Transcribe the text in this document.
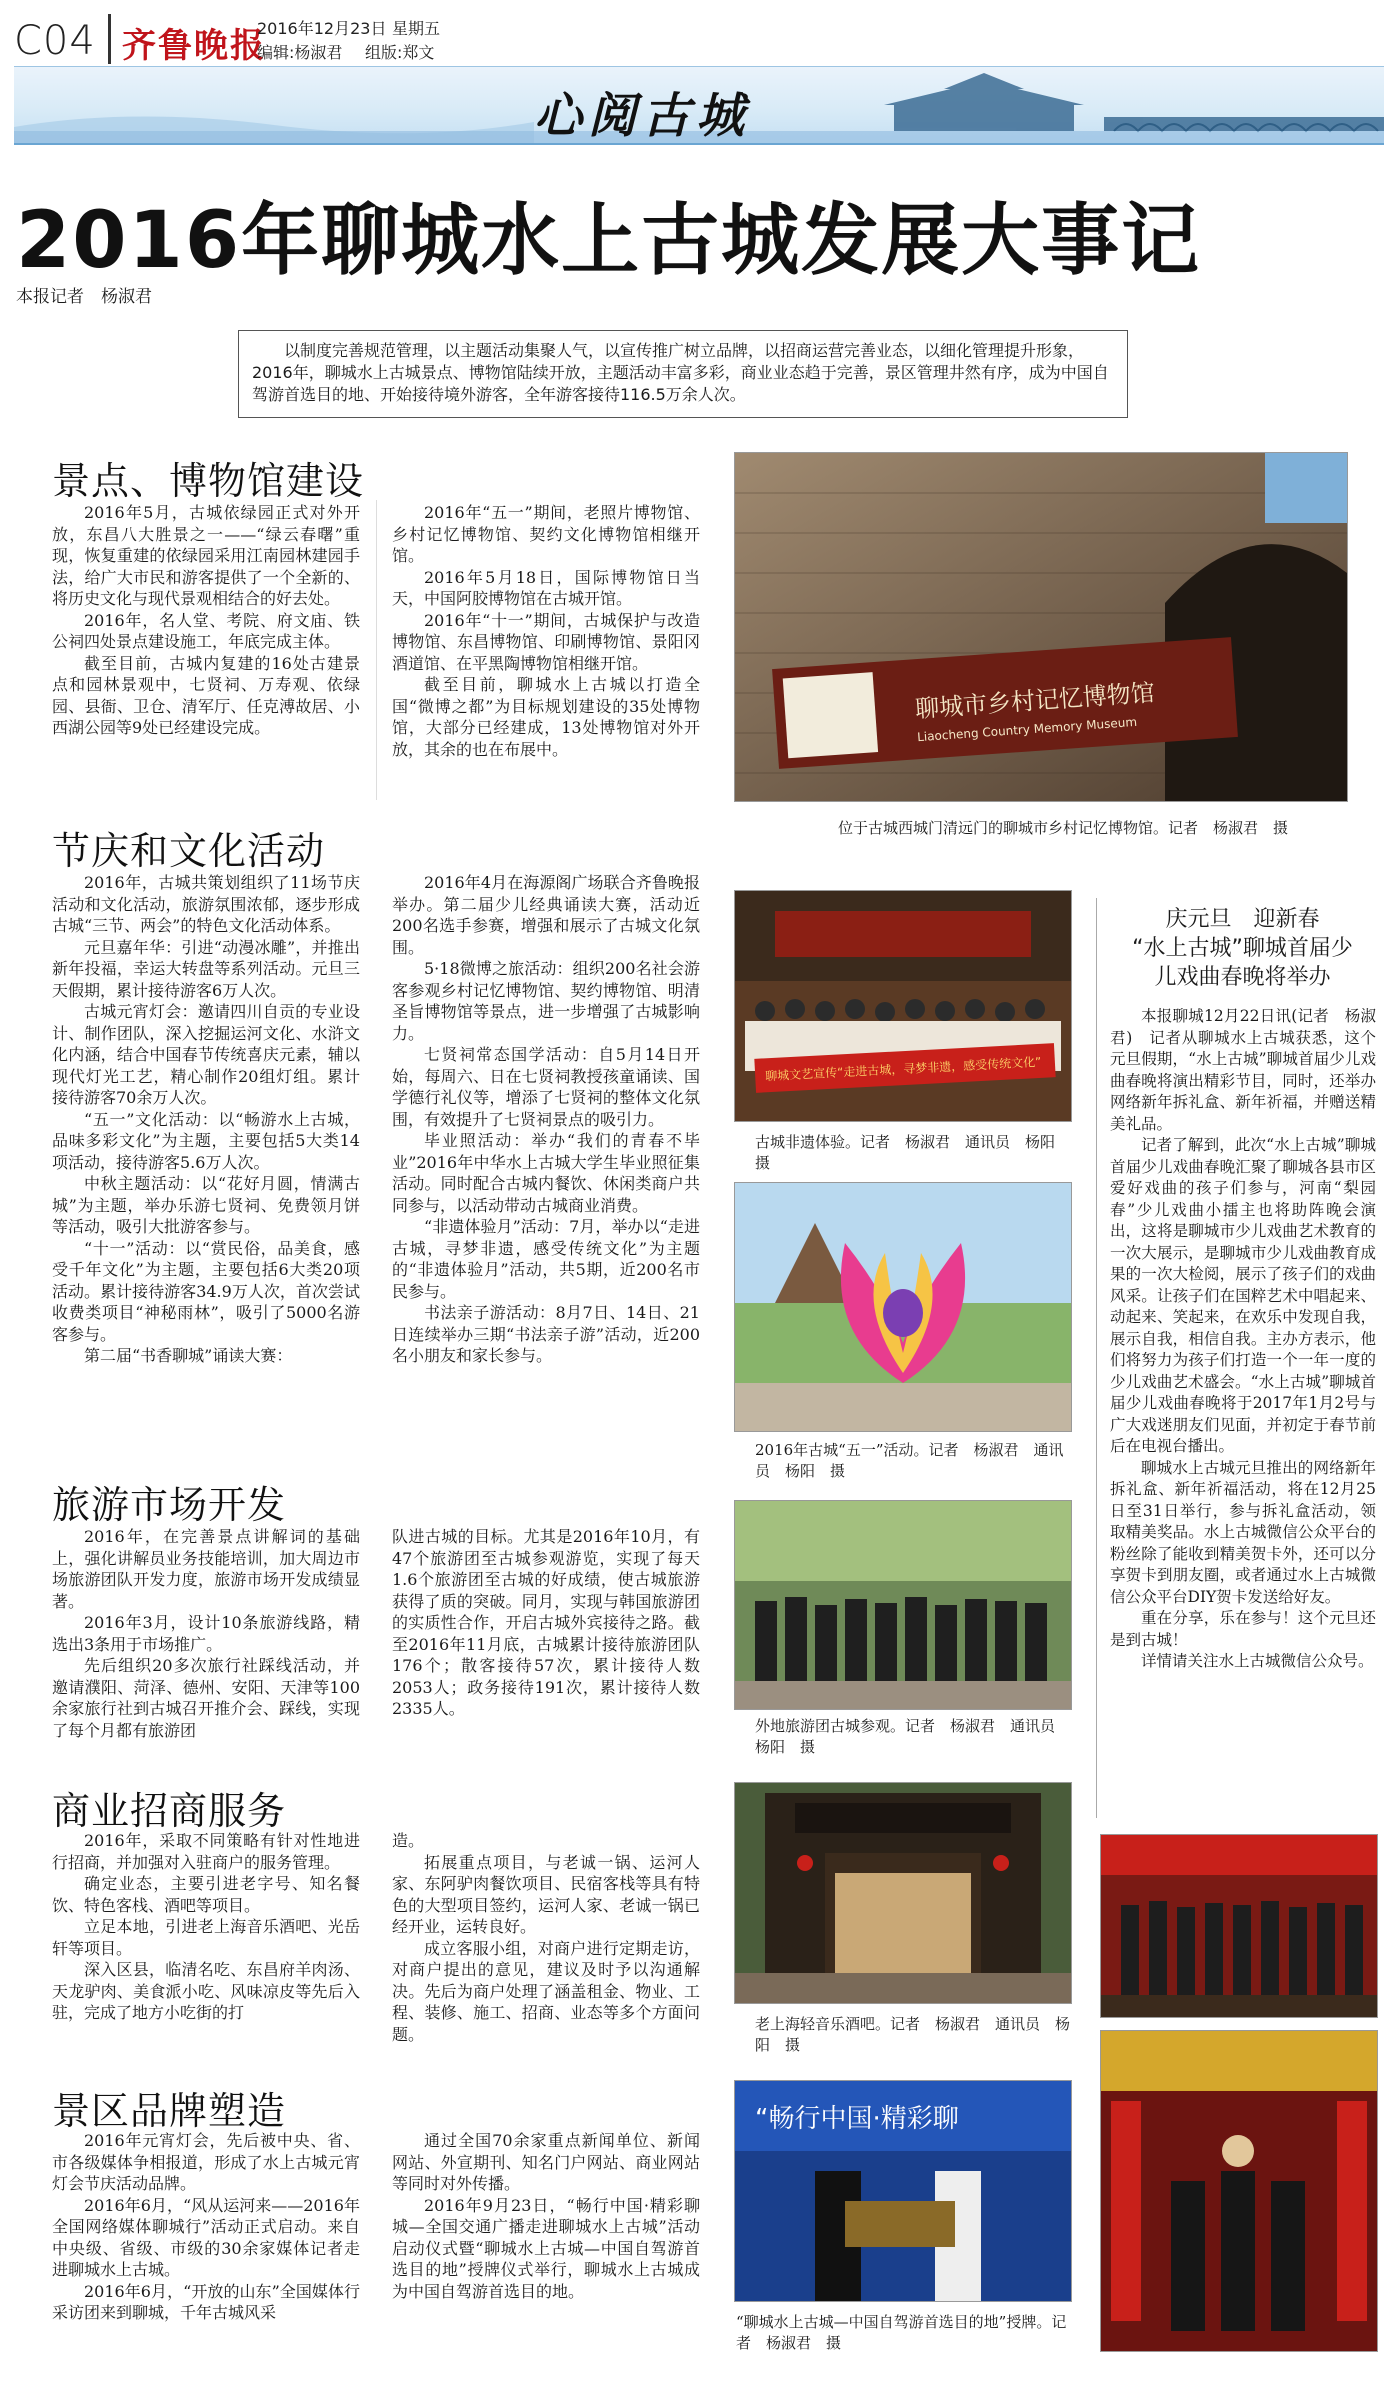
C04 齐鲁晚报
2016年12月23日 星期五
编辑:杨淑君 组版:郑文
心阅古城
2016年聊城水上古城发展大事记
本报记者　杨淑君
以制度完善规范管理，以主题活动集聚人气，以宣传推广树立品牌，以招商运营完善业态，以细化管理提升形象，2016年，聊城水上古城景点、博物馆陆续开放，主题活动丰富多彩，商业业态趋于完善，景区管理井然有序，成为中国自驾游首选目的地、开始接待境外游客，全年游客接待116.5万余人次。
景点、博物馆建设

2016年5月，古城依绿园正式对外开放，东昌八大胜景之一——“绿云春曙”重现，恢复重建的依绿园采用江南园林建园手法，给广大市民和游客提供了一个全新的、将历史文化与现代景观相结合的好去处。

2016年，名人堂、考院、府文庙、铁公祠四处景点建设施工，年底完成主体。

截至目前，古城内复建的16处古建景点和园林景观中，七贤祠、万寿观、依绿园、县衙、卫仓、清军厅、任克溥故居、小西湖公园等9处已经建设完成。

2016年“五一”期间，老照片博物馆、乡村记忆博物馆、契约文化博物馆相继开馆。

2016年5月18日，国际博物馆日当天，中国阿胶博物馆在古城开馆。

2016年“十一”期间，古城保护与改造博物馆、东昌博物馆、印刷博物馆、景阳冈酒道馆、在平黑陶博物馆相继开馆。

截至目前，聊城水上古城以打造全国“微博之都”为目标规划建设的35处博物馆，大部分已经建成，13处博物馆对外开放，其余的也在布展中。

聊城市乡村记忆博物馆
Liaocheng Country Memory Museum
位于古城西城门清远门的聊城市乡村记忆博物馆。记者　杨淑君　摄
节庆和文化活动

2016年，古城共策划组织了11场节庆活动和文化活动，旅游氛围浓郁，逐步形成古城“三节、两会”的特色文化活动体系。

元旦嘉年华：引进“动漫冰雕”，并推出新年投福，幸运大转盘等系列活动。元旦三天假期，累计接待游客6万人次。

古城元宵灯会：邀请四川自贡的专业设计、制作团队，深入挖掘运河文化、水浒文化内涵，结合中国春节传统喜庆元素，辅以现代灯光工艺，精心制作20组灯组。累计接待游客70余万人次。

“五一”文化活动：以“畅游水上古城，品味多彩文化”为主题，主要包括5大类14项活动，接待游客5.6万人次。

中秋主题活动：以“花好月圆，情满古城”为主题，举办乐游七贤祠、免费领月饼等活动，吸引大批游客参与。

“十一”活动：以“赏民俗，品美食，感受千年文化”为主题，主要包括6大类20项活动。累计接待游客34.9万人次，首次尝试收费类项目“神秘雨林”，吸引了5000名游客参与。

第二届“书香聊城”诵读大赛：

2016年4月在海源阁广场联合齐鲁晚报举办。第二届少儿经典诵读大赛，活动近200名选手参赛，增强和展示了古城文化氛围。

5·18微博之旅活动：组织200名社会游客参观乡村记忆博物馆、契约博物馆、明清圣旨博物馆等景点，进一步增强了古城影响力。

七贤祠常态国学活动：自5月14日开始，每周六、日在七贤祠教授孩童诵读、国学德行礼仪等，增添了七贤祠的整体文化氛围，有效提升了七贤祠景点的吸引力。

毕业照活动：举办“我们的青春不毕业”2016年中华水上古城大学生毕业照征集活动。同时配合古城内餐饮、休闲类商户共同参与，以活动带动古城商业消费。

“非遗体验月”活动：7月，举办以“走进古城，寻梦非遗，感受传统文化”为主题的“非遗体验月”活动，共5期，近200名市民参与。

书法亲子游活动：8月7日、14日、21日连续举办三期“书法亲子游”活动，近200名小朋友和家长参与。

聊城文艺宣传“走进古城，寻梦非遗，感受传统文化”
古城非遗体验。记者　杨淑君　通讯员　杨阳　摄
2016年古城“五一”活动。记者　杨淑君　通讯员　杨阳　摄
外地旅游团古城参观。记者　杨淑君　通讯员　杨阳　摄
旅游市场开发

2016年，在完善景点讲解词的基础上，强化讲解员业务技能培训，加大周边市场旅游团队开发力度，旅游市场开发成绩显著。

2016年3月，设计10条旅游线路，精选出3条用于市场推广。

先后组织20多次旅行社踩线活动，并邀请濮阳、菏泽、德州、安阳、天津等100余家旅行社到古城召开推介会、踩线，实现了每个月都有旅游团

队进古城的目标。尤其是2016年10月，有47个旅游团至古城参观游览，实现了每天1.6个旅游团至古城的好成绩，使古城旅游获得了质的突破。同月，实现与韩国旅游团的实质性合作，开启古城外宾接待之路。截至2016年11月底，古城累计接待旅游团队176个；散客接待57次，累计接待人数2053人；政务接待191次，累计接待人数2335人。

商业招商服务

2016年，采取不同策略有针对性地进行招商，并加强对入驻商户的服务管理。

确定业态，主要引进老字号、知名餐饮、特色客栈、酒吧等项目。

立足本地，引进老上海音乐酒吧、光岳轩等项目。

深入区县，临清名吃、东昌府羊肉汤、天龙驴肉、美食派小吃、风味凉皮等先后入驻，完成了地方小吃街的打

造。

拓展重点项目，与老诚一锅、运河人家、东阿驴肉餐饮项目、民宿客栈等具有特色的大型项目签约，运河人家、老诚一锅已经开业，运转良好。

成立客服小组，对商户进行定期走访，对商户提出的意见，建议及时予以沟通解决。先后为商户处理了涵盖租金、物业、工程、装修、施工、招商、业态等多个方面问题。

老上海轻音乐酒吧。记者　杨淑君　通讯员　杨阳　摄
景区品牌塑造

2016年元宵灯会，先后被中央、省、市各级媒体争相报道，形成了水上古城元宵灯会节庆活动品牌。

2016年6月，“风从运河来——2016年全国网络媒体聊城行”活动正式启动。来自中央级、省级、市级的30余家媒体记者走进聊城水上古城。

2016年6月，“开放的山东”全国媒体行采访团来到聊城，千年古城风采

通过全国70余家重点新闻单位、新闻网站、外宣期刊、知名门户网站、商业网站等同时对外传播。

2016年9月23日，“畅行中国·精彩聊城—全国交通广播走进聊城水上古城”活动启动仪式暨“聊城水上古城—中国自驾游首选目的地”授牌仪式举行，聊城水上古城成为中国自驾游首选目的地。

“畅行中国·精彩聊
“聊城水上古城—中国自驾游首选目的地”授牌。记者　杨淑君　摄
庆元旦　迎新春
“水上古城”聊城首届少
儿戏曲春晚将举办

本报聊城12月22日讯(记者　杨淑君)　记者从聊城水上古城获悉，这个元旦假期，“水上古城”聊城首届少儿戏曲春晚将演出精彩节目，同时，还举办网络新年拆礼盒、新年祈福，并赠送精美礼品。

记者了解到，此次“水上古城”聊城首届少儿戏曲春晚汇聚了聊城各县市区爱好戏曲的孩子们参与，河南“梨园春”少儿戏曲小擂主也将助阵晚会演出，这将是聊城市少儿戏曲艺术教育的一次大展示，是聊城市少儿戏曲教育成果的一次大检阅，展示了孩子们的戏曲风采。让孩子们在国粹艺术中唱起来、动起来、笑起来，在欢乐中发现自我，展示自我，相信自我。主办方表示，他们将努力为孩子们打造一个一年一度的少儿戏曲艺术盛会。“水上古城”聊城首届少儿戏曲春晚将于2017年1月2号与广大戏迷朋友们见面，并初定于春节前后在电视台播出。

聊城水上古城元旦推出的网络新年拆礼盒、新年祈福活动，将在12月25日至31日举行，参与拆礼盒活动，领取精美奖品。水上古城微信公众平台的粉丝除了能收到精美贺卡外，还可以分享贺卡到朋友圈，或者通过水上古城微信公众平台DIY贺卡发送给好友。

重在分享，乐在参与！这个元旦还是到古城！

详情请关注水上古城微信公众号。
